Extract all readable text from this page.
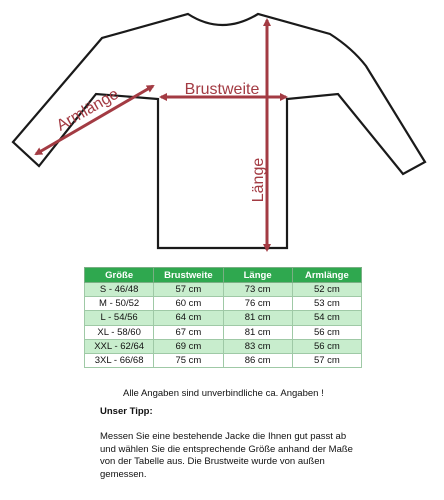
Brustweite
Länge
Armlänge
Größe	Brustweite	Länge	Armlänge
S - 46/48	57 cm	73 cm	52 cm
M - 50/52	60 cm	76 cm	53 cm
L - 54/56	64 cm	81 cm	54 cm
XL - 58/60	67 cm	81 cm	56 cm
XXL - 62/64	69 cm	83 cm	56 cm
3XL - 66/68	75 cm	86 cm	57 cm
Alle Angaben sind unverbindliche ca. Angaben !
Unser Tipp:
Messen Sie eine bestehende Jacke die Ihnen gut passt ab und wählen Sie die entsprechende Größe anhand der Maße von der Tabelle aus. Die Brustweite wurde von außen gemessen.
